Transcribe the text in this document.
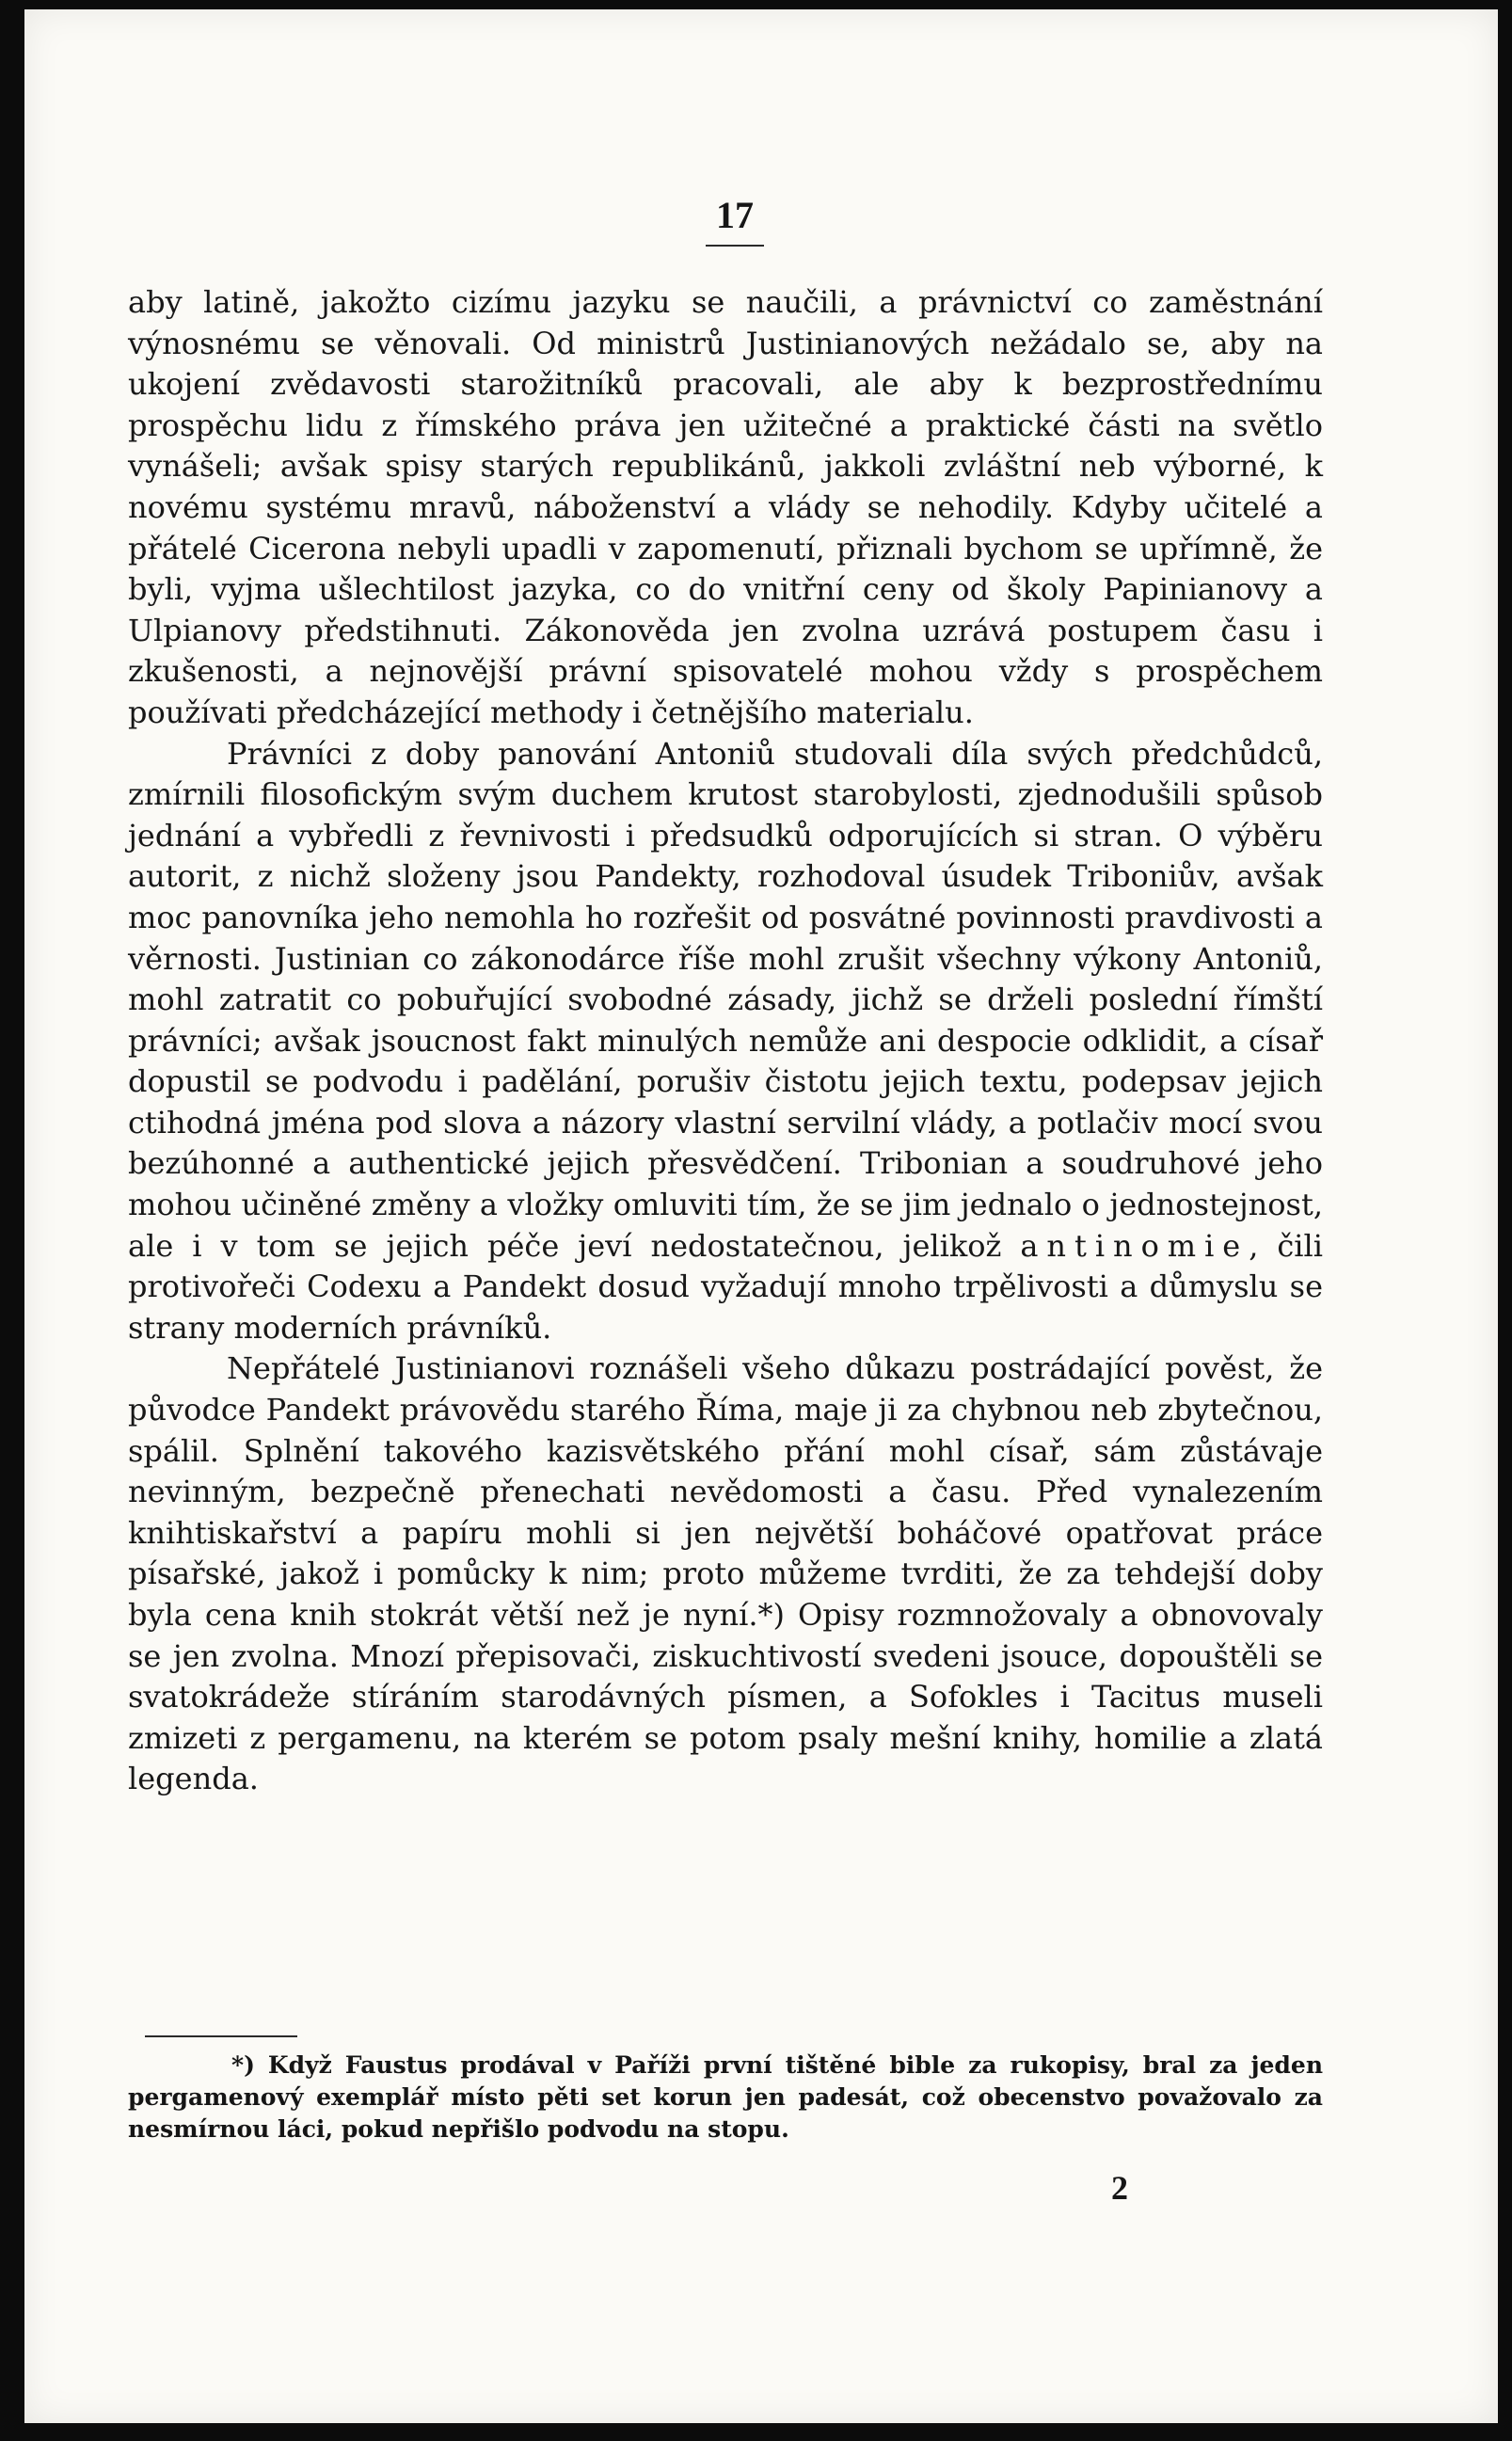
17

aby latině, jakožto cizímu jazyku se naučili, a právnictví co zaměstnání výnosnému se věnovali. Od ministrů Justinianových nežádalo se, aby na ukojení zvědavosti starožitníků pracovali, ale aby k bezprostřednímu prospěchu lidu z římského práva jen užitečné a praktické části na světlo vynášeli; avšak spisy starých republikánů, jakkoli zvláštní neb výborné, k novému systému mravů, náboženství a vlády se nehodily. Kdyby učitelé a přátelé Cicerona nebyli upadli v zapomenutí, přiznali bychom se upřímně, že byli, vyjma ušlechtilost jazyka, co do vnitřní ceny od školy Papinianovy a Ulpianovy předstihnuti. Zákonověda jen zvolna uzrává postupem času i zkušenosti, a nejnovější právní spisovatelé mohou vždy s prospěchem používati předcházející methody i četnějšího materialu.

Právníci z doby panování Antoniů studovali díla svých předchůdců, zmírnili filosofickým svým duchem krutost starobylosti, zjednodušili spůsob jednání a vybředli z řevnivosti i předsudků odporujících si stran. O výběru autorit, z nichž složeny jsou Pandekty, rozhodoval úsudek Triboniův, avšak moc panovníka jeho nemohla ho rozřešit od posvátné povinnosti pravdivosti a věrnosti. Justinian co zákonodárce říše mohl zrušit všechny výkony Antoniů, mohl zatratit co pobuřující svobodné zásady, jichž se drželi poslední římští právníci; avšak jsoucnost fakt minulých nemůže ani despocie odklidit, a císař dopustil se podvodu i padělání, porušiv čistotu jejich textu, podepsav jejich ctihodná jména pod slova a názory vlastní servilní vlády, a potlačiv mocí svou bezúhonné a authentické jejich přesvědčení. Tribonian a soudruhové jeho mohou učiněné změny a vložky omluviti tím, že se jim jednalo o jednostejnost, ale i v tom se jejich péče jeví nedostatečnou, jelikož antinomie, čili protivořeči Codexu a Pandekt dosud vyžadují mnoho trpělivosti a důmyslu se strany moderních právníků.

Nepřátelé Justinianovi roznášeli všeho důkazu postrádající pověst, že původce Pandekt právovědu starého Říma, maje ji za chybnou neb zbytečnou, spálil. Splnění takového kazisvětského přání mohl císař, sám zůstávaje nevinným, bezpečně přenechati nevědomosti a času. Před vynalezením knihtiskařství a papíru mohli si jen největší boháčové opatřovat práce písařské, jakož i pomůcky k nim; proto můžeme tvrditi, že za tehdejší doby byla cena knih stokrát větší než je nyní.*) Opisy rozmnožovaly a obnovovaly se jen zvolna. Mnozí přepisovači, ziskuchtivostí svedeni jsouce, dopouštěli se svatokrádeže stíráním starodávných písmen, a Sofokles i Tacitus museli zmizeti z pergamenu, na kterém se potom psaly mešní knihy, homilie a zlatá legenda.

*) Když Faustus prodával v Paříži první tištěné bible za rukopisy, bral za jeden pergamenový exemplář místo pěti set korun jen padesát, což obecenstvo považovalo za nesmírnou láci, pokud nepřišlo podvodu na stopu.

2
